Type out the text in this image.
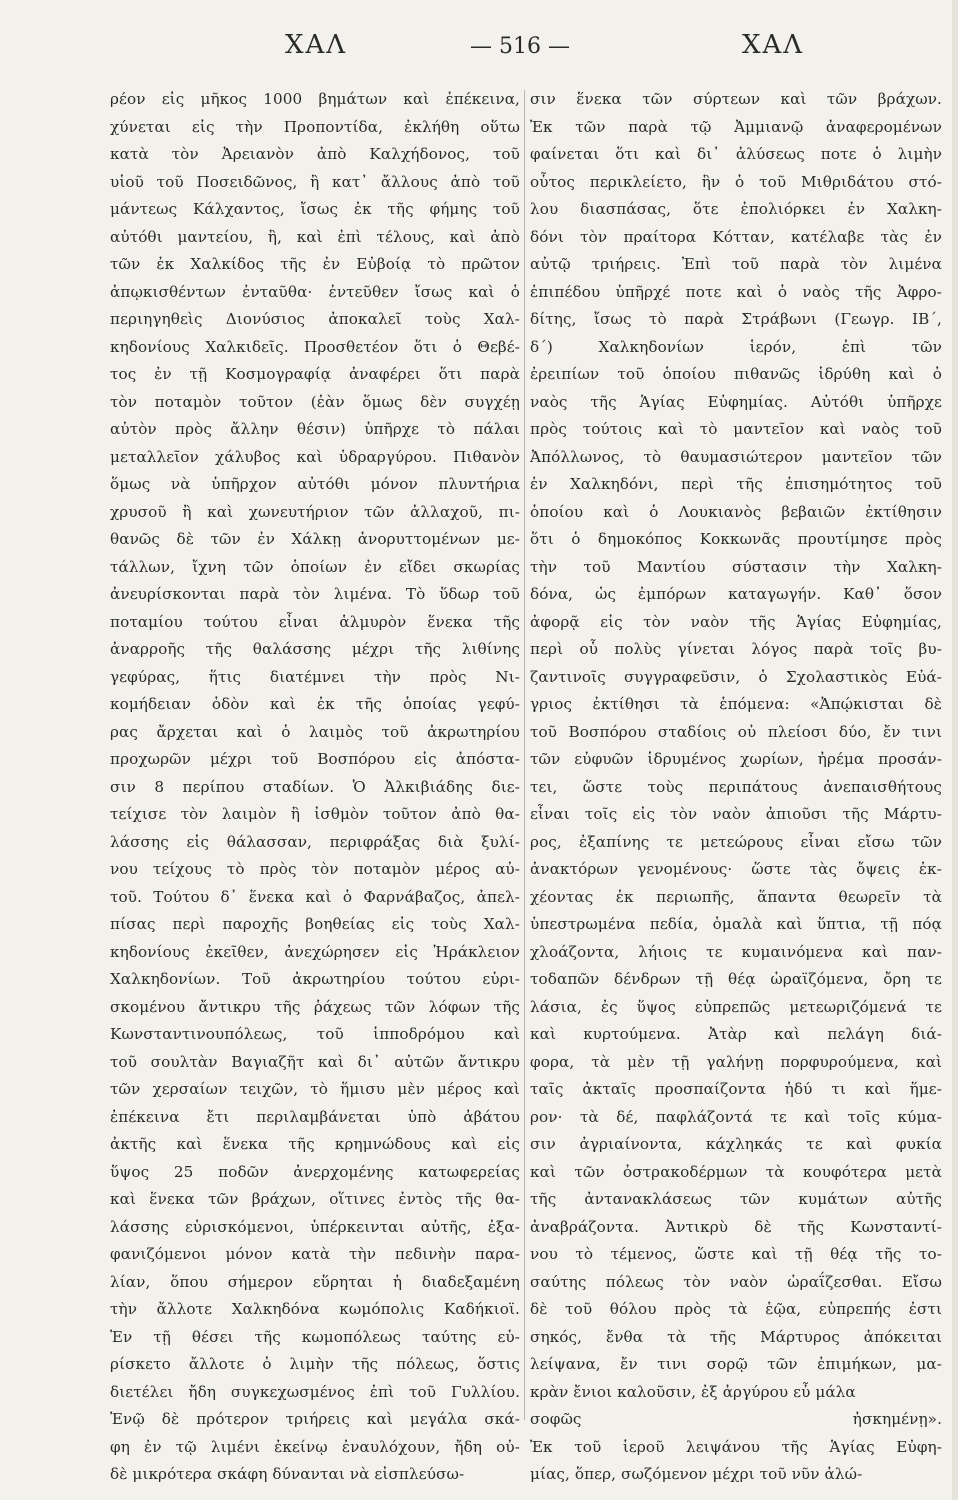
ΧΑΛ	— 516 —	ΧΑΛ
ρέον εἰς μῆκος 1000 βημάτων καὶ ἐπέκεινα,
χύνεται εἰς τὴν Προποντίδα, ἐκλήθη οὕτω
κατὰ τὸν Ἀρειανὸν ἀπὸ Καλχήδονος, τοῦ
υἱοῦ τοῦ Ποσειδῶνος, ἢ κατ᾽ ἄλλους ἀπὸ τοῦ
μάντεως Κάλχαντος, ἴσως ἐκ τῆς φήμης τοῦ
αὐτόθι μαντείου, ἢ, καὶ ἐπὶ τέλους, καὶ ἀπὸ
τῶν ἐκ Χαλκίδος τῆς ἐν Εὐβοίᾳ τὸ πρῶτον
ἀπῳκισθέντων ἐνταῦθα· ἐντεῦθεν ἴσως καὶ ὁ
περιηγηθεὶς Διονύσιος ἀποκαλεῖ τοὺς Χαλ-
κηδονίους Χαλκιδεῖς. Προσθετέον ὅτι ὁ Θεβέ-
τος ἐν τῇ Κοσμογραφίᾳ ἀναφέρει ὅτι παρὰ
τὸν ποταμὸν τοῦτον (ἐὰν ὅμως δὲν συγχέῃ
αὐτὸν πρὸς ἄλλην θέσιν) ὑπῆρχε τὸ πάλαι
μεταλλεῖον χάλυβος καὶ ὑδραργύρου. Πιθανὸν
ὅμως νὰ ὑπῆρχον αὐτόθι μόνον πλυντήρια
χρυσοῦ ἢ καὶ χωνευτήριον τῶν ἀλλαχοῦ, πι-
θανῶς δὲ τῶν ἐν Χάλκῃ ἀνορυττομένων με-
τάλλων, ἴχνη τῶν ὁποίων ἐν εἴδει σκωρίας
ἀνευρίσκονται παρὰ τὸν λιμένα. Τὸ ὕδωρ τοῦ
ποταμίου τούτου εἶναι ἁλμυρὸν ἕνεκα τῆς
ἀναρροῆς τῆς θαλάσσης μέχρι τῆς λιθίνης
γεφύρας, ἥτις διατέμνει τὴν πρὸς Νι-
κομήδειαν ὁδὸν καὶ ἐκ τῆς ὁποίας γεφύ-
ρας ἄρχεται καὶ ὁ λαιμὸς τοῦ ἀκρωτηρίου
προχωρῶν μέχρι τοῦ Βοσπόρου εἰς ἀπόστα-
σιν 8 περίπου σταδίων. Ὁ Ἀλκιβιάδης διε-
τείχισε τὸν λαιμὸν ἢ ἰσθμὸν τοῦτον ἀπὸ θα-
λάσσης εἰς θάλασσαν, περιφράξας διὰ ξυλί-
νου τείχους τὸ πρὸς τὸν ποταμὸν μέρος αὐ-
τοῦ. Τούτου δ᾽ ἕνεκα καὶ ὁ Φαρνάβαζος, ἀπελ-
πίσας περὶ παροχῆς βοηθείας εἰς τοὺς Χαλ-
κηδονίους ἐκεῖθεν, ἀνεχώρησεν εἰς Ἡράκλειον
Χαλκηδονίων. Τοῦ ἀκρωτηρίου τούτου εὑρι-
σκομένου ἄντικρυ τῆς ῥάχεως τῶν λόφων τῆς
Κωνσταντινουπόλεως, τοῦ ἱπποδρόμου καὶ
τοῦ σουλτὰν Βαγιαζῆτ καὶ δι᾽ αὐτῶν ἄντικρυ
τῶν χερσαίων τειχῶν, τὸ ἥμισυ μὲν μέρος καὶ
ἐπέκεινα ἔτι περιλαμβάνεται ὑπὸ ἀβάτου
ἀκτῆς καὶ ἕνεκα τῆς κρημνώδους καὶ εἰς
ὕψος 25 ποδῶν ἀνερχομένης κατωφερείας
καὶ ἕνεκα τῶν βράχων, οἵτινες ἐντὸς τῆς θα-
λάσσης εὑρισκόμενοι, ὑπέρκεινται αὐτῆς, ἐξα-
φανιζόμενοι μόνον κατὰ τὴν πεδινὴν παρα-
λίαν, ὅπου σήμερον εὕρηται ἡ διαδεξαμένη
τὴν ἄλλοτε Χαλκηδόνα κωμόπολις Καδήκιοϊ.
Ἐν τῇ θέσει τῆς κωμοπόλεως ταύτης εὑ-
ρίσκετο ἄλλοτε ὁ λιμὴν τῆς πόλεως, ὅστις
διετέλει ἤδη συγκεχωσμένος ἐπὶ τοῦ Γυλλίου.
Ἐνῷ δὲ πρότερον τριήρεις καὶ μεγάλα σκά-
φη ἐν τῷ λιμένι ἐκείνῳ ἐναυλόχουν, ἤδη οὐ-
δὲ μικρότερα σκάφη δύνανται νὰ εἰσπλεύσω-
σιν ἕνεκα τῶν σύρτεων καὶ τῶν βράχων.
Ἐκ τῶν παρὰ τῷ Ἀμμιανῷ ἀναφερομένων
φαίνεται ὅτι καὶ δι᾽ ἀλύσεως ποτε ὁ λιμὴν
οὗτος περικλείετο, ἣν ὁ τοῦ Μιθριδάτου στό-
λου διασπάσας, ὅτε ἐπολιόρκει ἐν Χαλκη-
δόνι τὸν πραίτορα Κότταν, κατέλαβε τὰς ἐν
αὐτῷ τριήρεις. Ἐπὶ τοῦ παρὰ τὸν λιμένα
ἐπιπέδου ὑπῆρχέ ποτε καὶ ὁ ναὸς τῆς Ἀφρο-
δίτης, ἴσως τὸ παρὰ Στράβωνι (Γεωγρ. ΙΒ΄,
δ΄) Χαλκηδονίων ἱερόν, ἐπὶ τῶν
ἐρειπίων τοῦ ὁποίου πιθανῶς ἱδρύθη καὶ ὁ
ναὸς τῆς Ἁγίας Εὐφημίας. Αὐτόθι ὑπῆρχε
πρὸς τούτοις καὶ τὸ μαντεῖον καὶ ναὸς τοῦ
Ἀπόλλωνος, τὸ θαυμασιώτερον μαντεῖον τῶν
ἐν Χαλκηδόνι, περὶ τῆς ἐπισημότητος τοῦ
ὁποίου καὶ ὁ Λουκιανὸς βεβαιῶν ἐκτίθησιν
ὅτι ὁ δημοκόπος Κοκκωνᾶς προυτίμησε πρὸς
τὴν τοῦ Μαντίου σύστασιν τὴν Χαλκη-
δόνα, ὡς ἐμπόρων καταγωγήν. Καθ᾽ ὅσον
ἀφορᾷ εἰς τὸν ναὸν τῆς Ἁγίας Εὐφημίας,
περὶ οὗ πολὺς γίνεται λόγος παρὰ τοῖς βυ-
ζαντινοῖς συγγραφεῦσιν, ὁ Σχολαστικὸς Εὐά-
γριος ἐκτίθησι τὰ ἑπόμενα: «Ἀπῴκισται δὲ
τοῦ Βοσπόρου σταδίοις οὐ πλείοσι δύο, ἔν τινι
τῶν εὐφυῶν ἱδρυμένος χωρίων, ἠρέμα προσάν-
τει, ὥστε τοὺς περιπάτους ἀνεπαισθήτους
εἶναι τοῖς εἰς τὸν ναὸν ἀπιοῦσι τῆς Μάρτυ-
ρος, ἐξαπίνης τε μετεώρους εἶναι εἴσω τῶν
ἀνακτόρων γενομένους· ὥστε τὰς ὄψεις ἐκ-
χέοντας ἐκ περιωπῆς, ἅπαντα θεωρεῖν τὰ
ὑπεστρωμένα πεδία, ὁμαλὰ καὶ ὕπτια, τῇ πόᾳ
χλοάζοντα, λήιοις τε κυμαινόμενα καὶ παν-
τοδαπῶν δένδρων τῇ θέᾳ ὡραϊζόμενα, ὄρη τε
λάσια, ἐς ὕψος εὐπρεπῶς μετεωριζόμενά τε
καὶ κυρτούμενα. Ἀτὰρ καὶ πελάγη διά-
φορα, τὰ μὲν τῇ γαλήνῃ πορφυρούμενα, καὶ
ταῖς ἀκταῖς προσπαίζοντα ἡδύ τι καὶ ἥμε-
ρον· τὰ δέ, παφλάζοντά τε καὶ τοῖς κύμα-
σιν ἀγριαίνοντα, κάχληκάς τε καὶ φυκία
καὶ τῶν ὀστρακοδέρμων τὰ κουφότερα μετὰ
τῆς ἀντανακλάσεως τῶν κυμάτων αὐτῆς
ἀναβράζοντα. Ἀντικρὺ δὲ τῆς Κωνσταντί-
νου τὸ τέμενος, ὥστε καὶ τῇ θέᾳ τῆς το-
σαύτης πόλεως τὸν ναὸν ὡραΐζεσθαι. Εἴσω
δὲ τοῦ θόλου πρὸς τὰ ἑῷα, εὐπρεπής ἐστι
σηκός, ἔνθα τὰ τῆς Μάρτυρος ἀπόκειται
λείψανα, ἔν τινι σορῷ τῶν ἐπιμήκων, μα-
κρὰν ἔνιοι καλοῦσιν, ἐξ ἀργύρου εὖ μάλα
σοφῶς ἠσκημένῃ».
Ἐκ τοῦ ἱεροῦ λειψάνου τῆς Ἁγίας Εὐφη-
μίας, ὅπερ, σωζόμενον μέχρι τοῦ νῦν ἀλώ-
